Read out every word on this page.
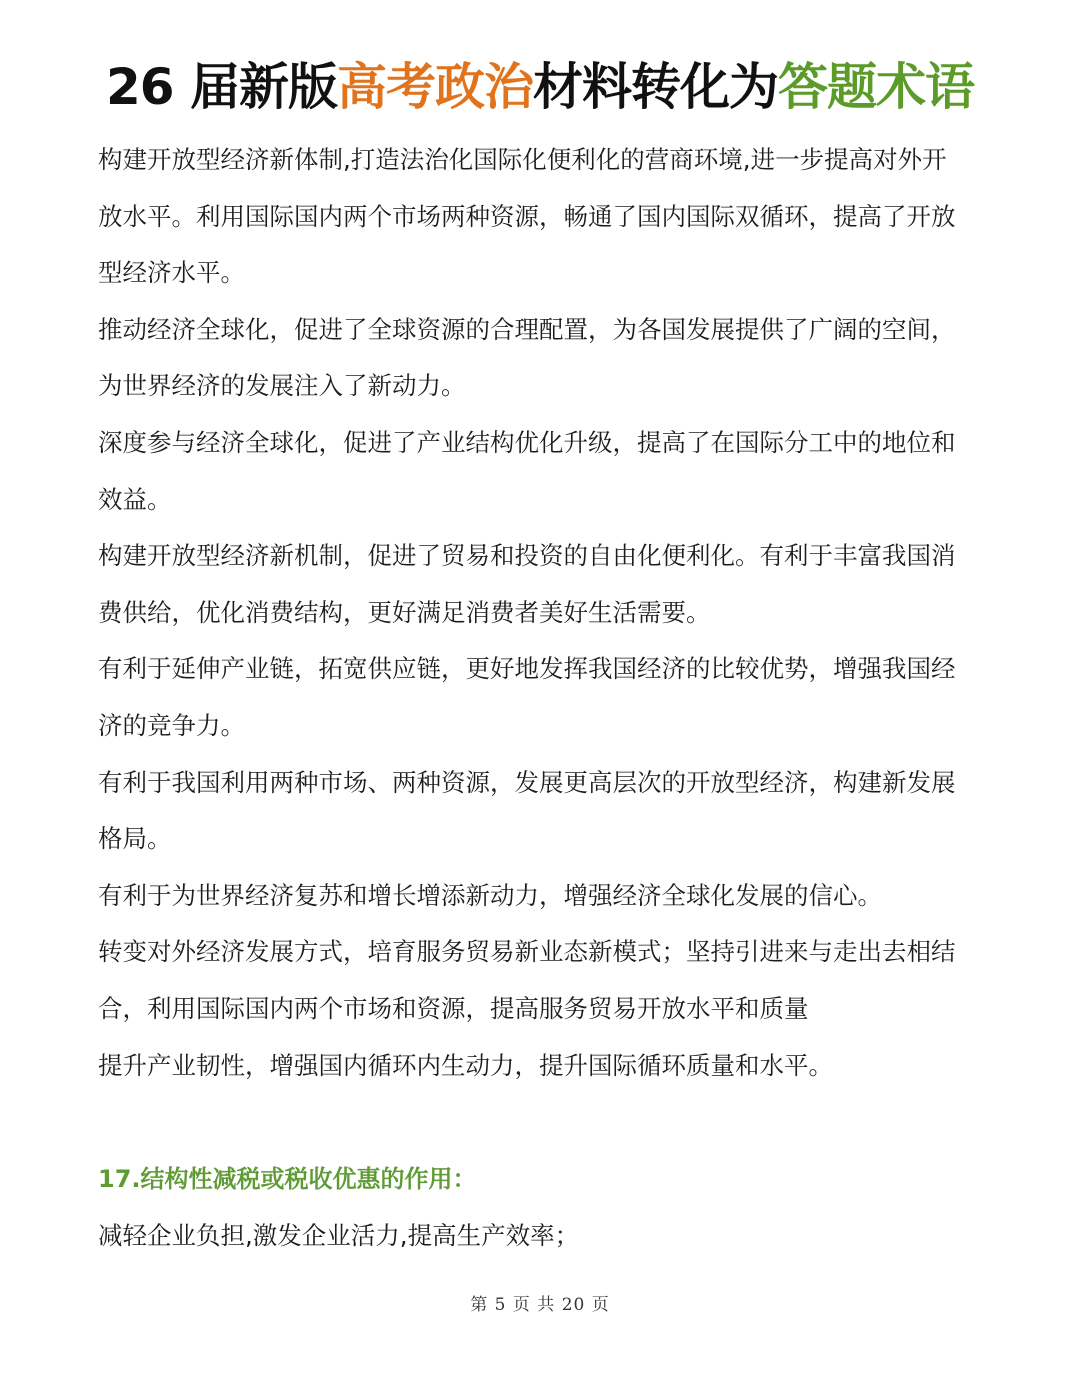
26 届新版高考政治材料转化为答题术语
构建开放型经济新体制,打造法治化国际化便利化的营商环境,进一步提高对外开
放水平。利用国际国内两个市场两种资源，畅通了国内国际双循环，提高了开放
型经济水平。
推动经济全球化，促进了全球资源的合理配置，为各国发展提供了广阔的空间，
为世界经济的发展注入了新动力。
深度参与经济全球化，促进了产业结构优化升级，提高了在国际分工中的地位和
效益。
构建开放型经济新机制，促进了贸易和投资的自由化便利化。有利于丰富我国消
费供给，优化消费结构，更好满足消费者美好生活需要。
有利于延伸产业链，拓宽供应链，更好地发挥我国经济的比较优势，增强我国经
济的竞争力。
有利于我国利用两种市场、两种资源，发展更高层次的开放型经济，构建新发展
格局。
有利于为世界经济复苏和增长增添新动力，增强经济全球化发展的信心。
转变对外经济发展方式，培育服务贸易新业态新模式；坚持引进来与走出去相结
合，利用国际国内两个市场和资源，提高服务贸易开放水平和质量
提升产业韧性，增强国内循环内生动力，提升国际循环质量和水平。
17.结构性减税或税收优惠的作用：
减轻企业负担,激发企业活力,提高生产效率；
第 5 页 共 20 页
